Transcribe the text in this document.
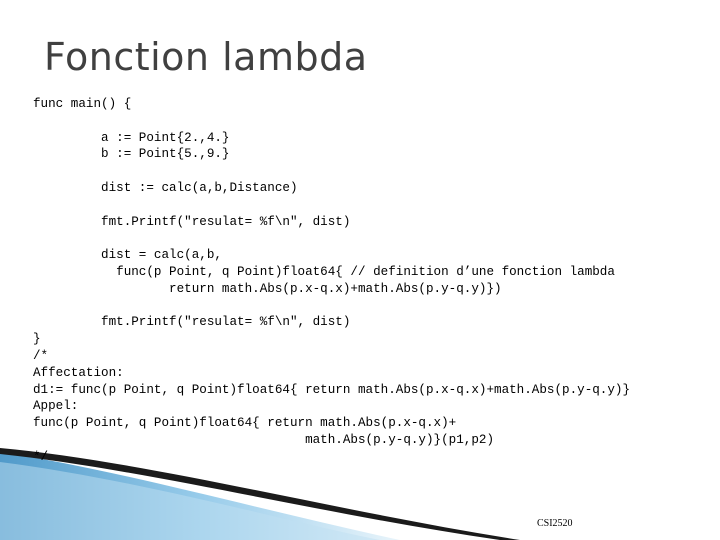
Fonction lambda
func main() {
a := Point{2.,4.}
b := Point{5.,9.}
dist := calc(a,b,Distance)
fmt.Printf("resulat= %f\n", dist)
dist = calc(a,b,
func(p Point, q Point)float64{ // definition d’une fonction lambda
return math.Abs(p.x-q.x)+math.Abs(p.y-q.y)})
fmt.Printf("resulat= %f\n", dist)
}
/*
Affectation:
d1:= func(p Point, q Point)float64{ return math.Abs(p.x-q.x)+math.Abs(p.y-q.y)}
Appel:
func(p Point, q Point)float64{ return math.Abs(p.x-q.x)+
math.Abs(p.y-q.y)}(p1,p2)
*/
CSI2520
